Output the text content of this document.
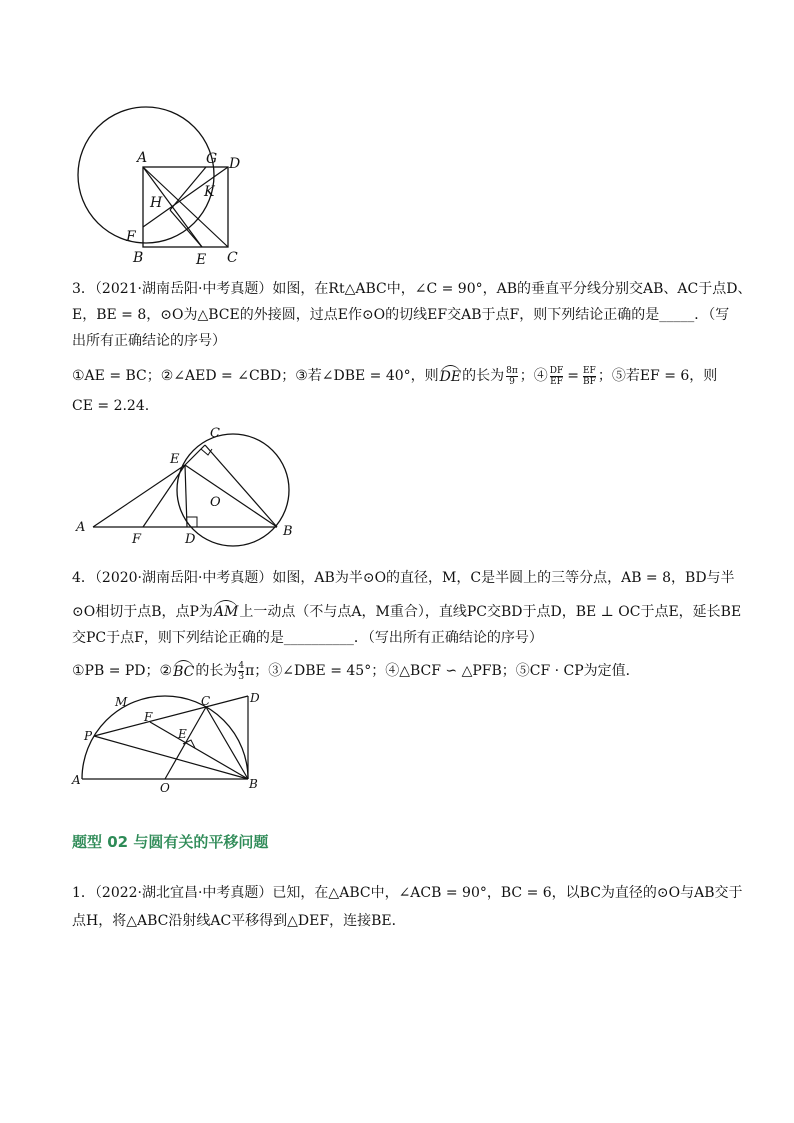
A	G D
K
H
F
B	E C
3．（2021·湖南岳阳·中考真题）如图，在Rt△ABC中，∠C = 90°，AB的垂直平分线分别交AB、AC于点D、
E，BE = 8，⊙O为△BCE的外接圆，过点E作⊙O的切线EF交AB于点F，则下列结论正确的是_____．（写
出所有正确结论的序号）
①AE = BC；②∠AED = ∠CBD；③若∠DBE = 40°，则 DE 的长为 $\frac{8\pi}{9}$ ；④ $\frac{DF}{EF} = \frac{EF}{BF}$ ；⑤若EF = 6，则
CE = 2.24.
C
E
O
A
F	D
B
4．（2020·湖南岳阳·中考真题）如图，AB为半⊙O的直径，M，C是半圆上的三等分点，AB = 8，BD与半
⊙O相切于点B，点P为 AM 上一动点（不与点A，M重合），直线PC交BD于点D，BE ⊥ OC于点E，延长BE
交PC于点F，则下列结论正确的是__________．（写出所有正确结论的序号）
①PB = PD；② BC 的长为 $\frac{4}{3}$ π；③∠DBE = 45°；④△BCF ∽ △PFB；⑤CF · CP为定值．
M	C	D
F
P	E
A
O	B
题型 02 与圆有关的平移问题
1．（2022·湖北宜昌·中考真题）已知，在△ABC中，∠ACB = 90°，BC = 6，以BC为直径的⊙O与AB交于
点H，将△ABC沿射线AC平移得到△DEF，连接BE．
